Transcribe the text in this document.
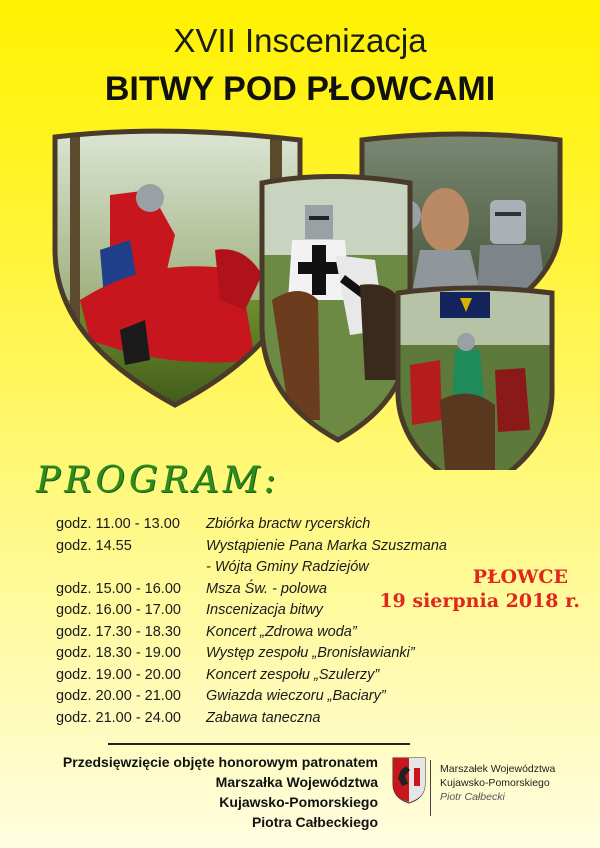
XVII Inscenizacja
BITWY POD PŁOWCAMI
PROGRAM:
godz. 11.00 - 13.00	Zbiórka bractw rycerskich
godz. 14.55	Wystąpienie Pana Marka Szuszmana
- Wójta Gminy Radziejów
godz. 15.00 - 16.00	Msza Św. - polowa
godz. 16.00 - 17.00	Inscenizacja bitwy
godz. 17.30 - 18.30	Koncert „Zdrowa woda”
godz. 18.30 - 19.00	Występ zespołu „Bronisławianki”
godz. 19.00 - 20.00	Koncert zespołu „Szulerzy”
godz. 20.00 - 21.00	Gwiazda wieczoru „Baciary”
godz. 21.00 - 24.00	Zabawa taneczna
PŁOWCE
19 sierpnia 2018 r.
Przedsięwzięcie objęte honorowym patronatem
Marszałka Województwa
Kujawsko-Pomorskiego
Piotra Całbeckiego
Marszałek Województwa
Kujawsko-Pomorskiego
Piotr Całbecki
